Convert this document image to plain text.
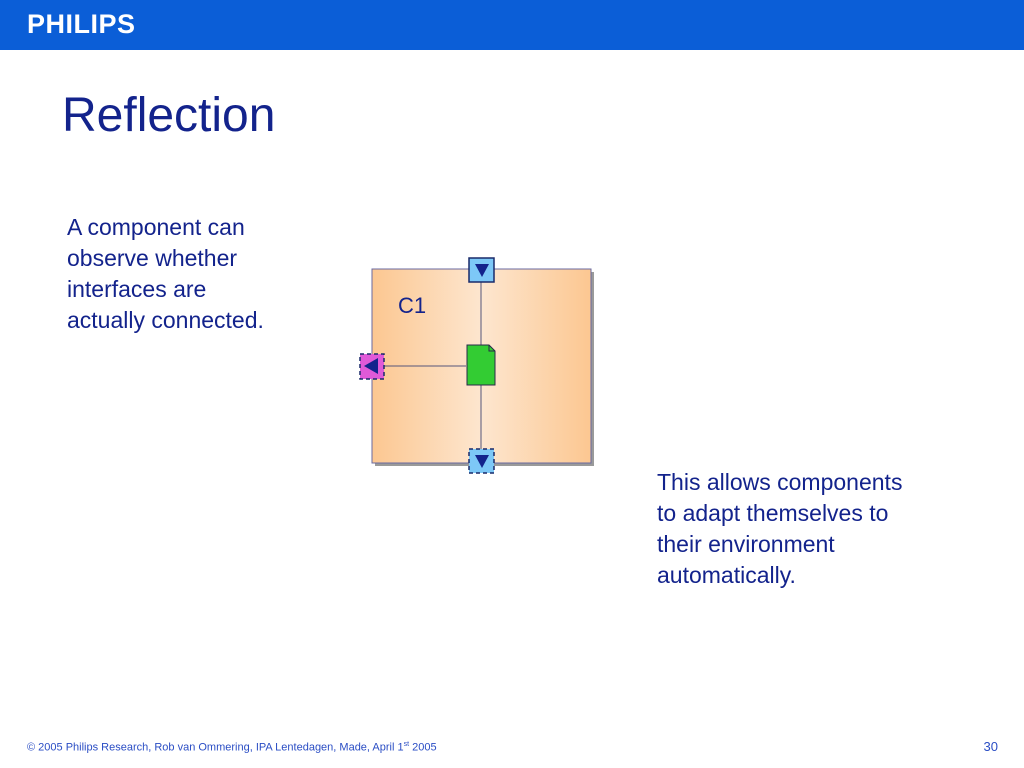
PHILIPS
Reflection

A component can
observe whether
interfaces are
actually connected.

This allows components
to adapt themselves to
their environment
automatically.

C1
© 2005 Philips Research, Rob van Ommering, IPA Lentedagen, Made, April 1st 2005	30
